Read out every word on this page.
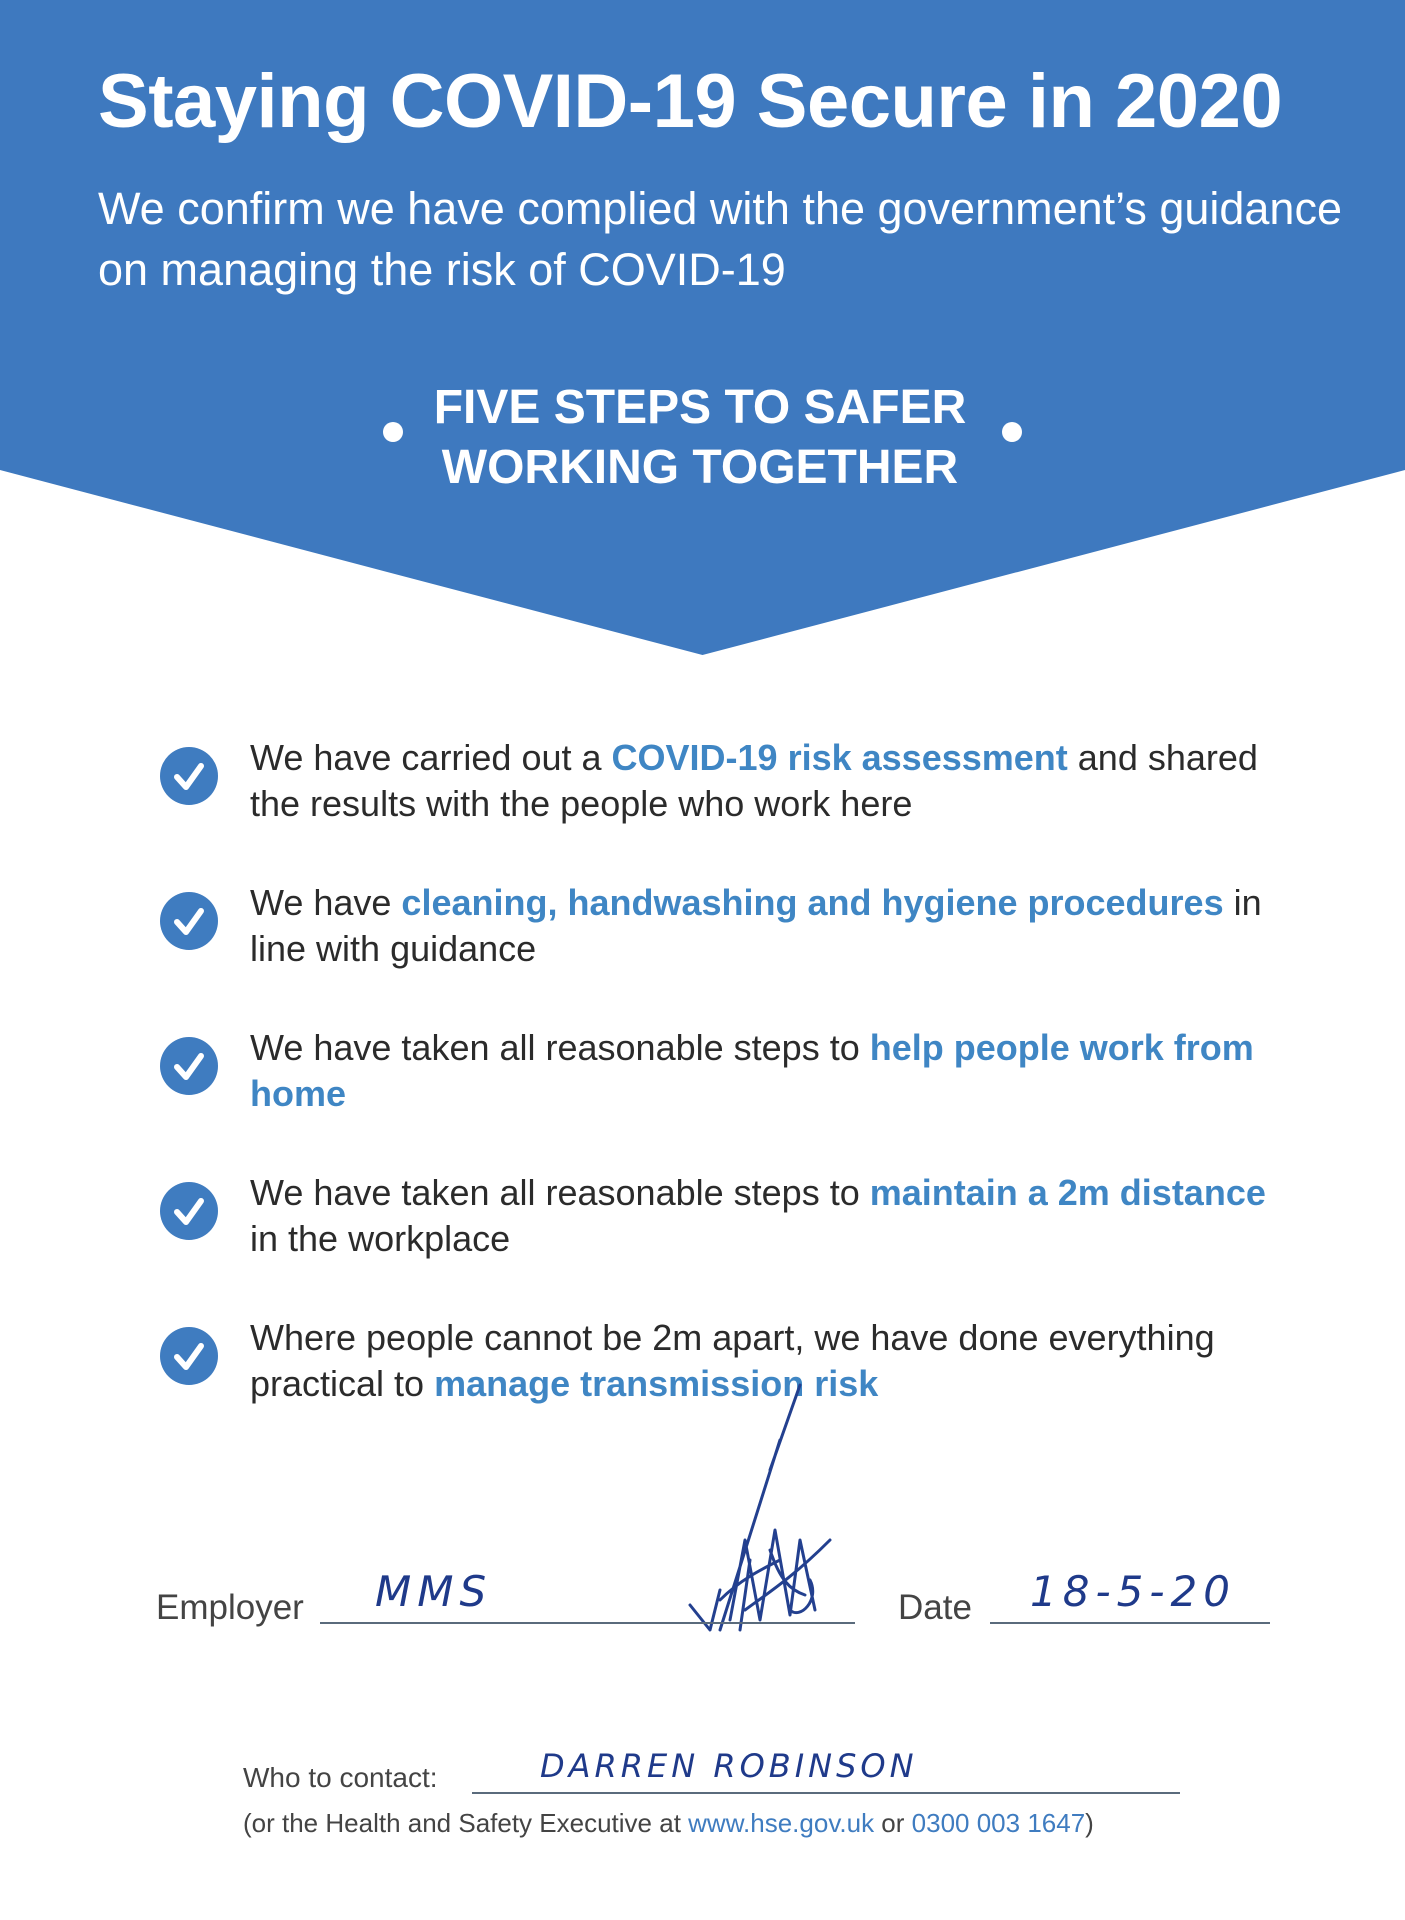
Staying COVID-19 Secure in 2020

We confirm we have complied with the government’s guidance on managing the risk of COVID-19

FIVE STEPS TO SAFER
WORKING TOGETHER
We have carried out a COVID-19 risk assessment and shared the results with the people who work here
We have cleaning, handwashing and hygiene procedures in line with guidance
We have taken all reasonable steps to help people work from home
We have taken all reasonable steps to maintain a 2m distance in the workplace
Where people cannot be 2m apart, we have done everything practical to manage transmission risk
Employer MMS	Date 18-5-20
Who to contact:	DARREN ROBINSON
(or the Health and Safety Executive at www.hse.gov.uk or 0300 003 1647)
